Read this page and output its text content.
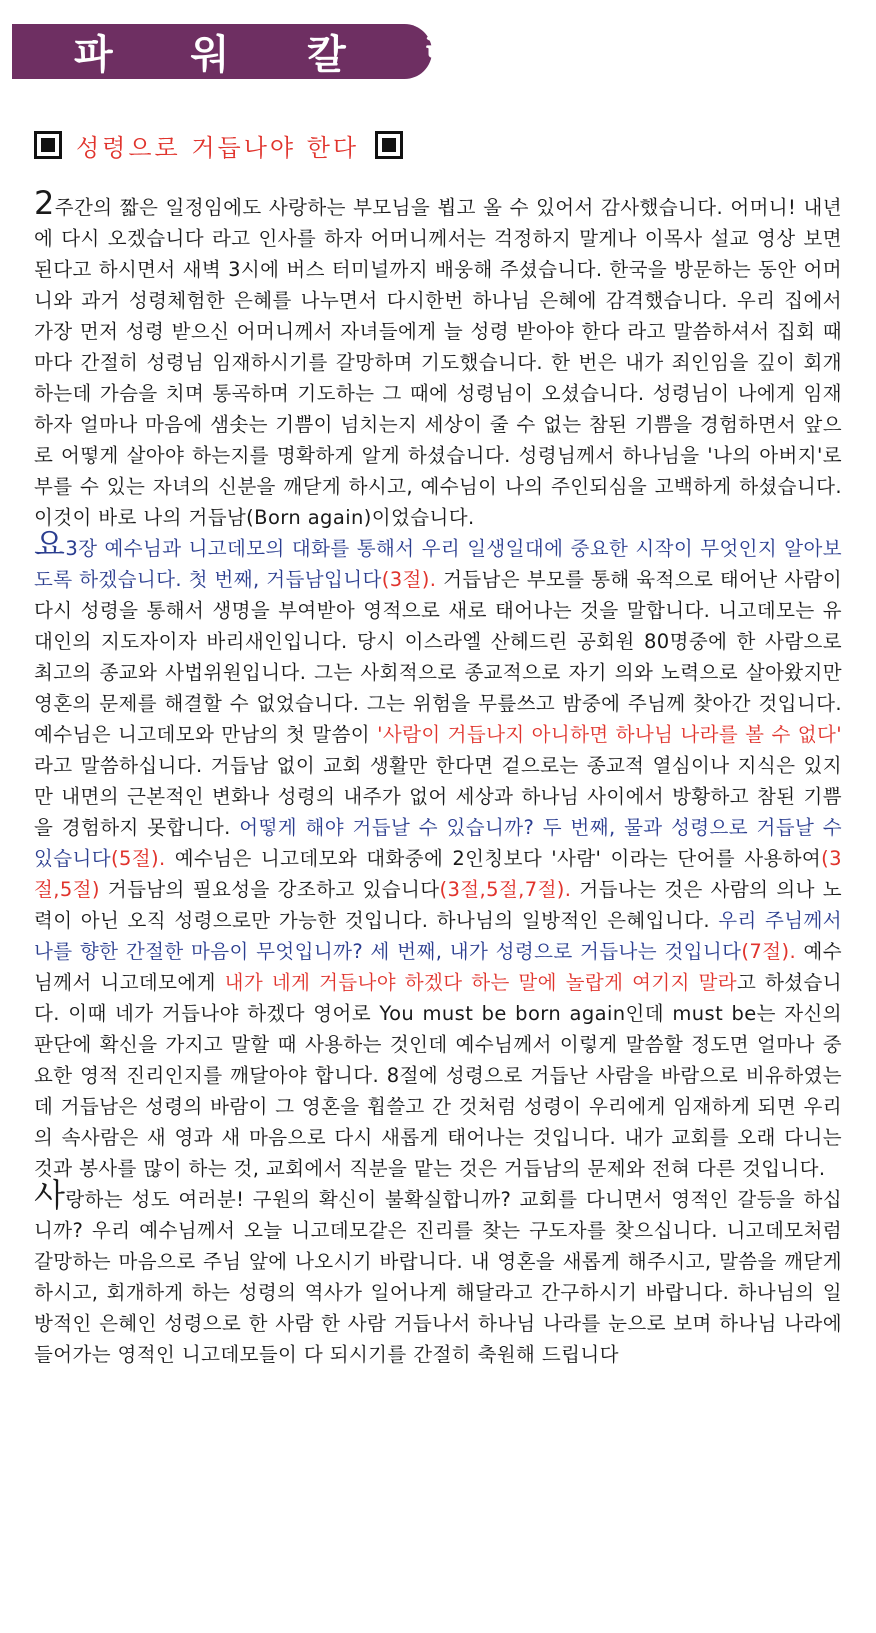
파 워 칼 럼
성령으로 거듭나야 한다

2주간의 짧은 일정임에도 사랑하는 부모님을 뵙고 올 수 있어서 감사했습니다. 어머니! 내년에 다시 오겠습니다 라고 인사를 하자 어머니께서는 걱정하지 말게나 이목사 설교 영상 보면 된다고 하시면서 새벽 3시에 버스 터미널까지 배웅해 주셨습니다. 한국을 방문하는 동안 어머니와 과거 성령체험한 은혜를 나누면서 다시한번 하나님 은혜에 감격했습니다. 우리 집에서 가장 먼저 성령 받으신 어머니께서 자녀들에게 늘 성령 받아야 한다 라고 말씀하셔서 집회 때마다 간절히 성령님 임재하시기를 갈망하며 기도했습니다. 한 번은 내가 죄인임을 깊이 회개하는데 가슴을 치며 통곡하며 기도하는 그 때에 성령님이 오셨습니다. 성령님이 나에게 임재하자 얼마나 마음에 샘솟는 기쁨이 넘치는지 세상이 줄 수 없는 참된 기쁨을 경험하면서 앞으로 어떻게 살아야 하는지를 명확하게 알게 하셨습니다. 성령님께서 하나님을 '나의 아버지'로 부를 수 있는 자녀의 신분을 깨닫게 하시고, 예수님이 나의 주인되심을 고백하게 하셨습니다. 이것이 바로 나의 거듭남(Born again)이었습니다.

요3장 예수님과 니고데모의 대화를 통해서 우리 일생일대에 중요한 시작이 무엇인지 알아보도록 하겠습니다. 첫 번째, 거듭남입니다(3절). 거듭남은 부모를 통해 육적으로 태어난 사람이 다시 성령을 통해서 생명을 부여받아 영적으로 새로 태어나는 것을 말합니다. 니고데모는 유대인의 지도자이자 바리새인입니다. 당시 이스라엘 산헤드린 공회원 80명중에 한 사람으로 최고의 종교와 사법위원입니다. 그는 사회적으로 종교적으로 자기 의와 노력으로 살아왔지만 영혼의 문제를 해결할 수 없었습니다. 그는 위험을 무릎쓰고 밤중에 주님께 찾아간 것입니다. 예수님은 니고데모와 만남의 첫 말씀이 '사람이 거듭나지 아니하면 하나님 나라를 볼 수 없다' 라고 말씀하십니다. 거듭남 없이 교회 생활만 한다면 겉으로는 종교적 열심이나 지식은 있지만 내면의 근본적인 변화나 성령의 내주가 없어 세상과 하나님 사이에서 방황하고 참된 기쁨을 경험하지 못합니다. 어떻게 해야 거듭날 수 있습니까? 두 번째, 물과 성령으로 거듭날 수 있습니다(5절). 예수님은 니고데모와 대화중에 2인칭보다 '사람' 이라는 단어를 사용하여(3절,5절) 거듭남의 필요성을 강조하고 있습니다(3절,5절,7절). 거듭나는 것은 사람의 의나 노력이 아닌 오직 성령으로만 가능한 것입니다. 하나님의 일방적인 은혜입니다. 우리 주님께서 나를 향한 간절한 마음이 무엇입니까? 세 번째, 내가 성령으로 거듭나는 것입니다(7절). 예수님께서 니고데모에게 내가 네게 거듭나야 하겠다 하는 말에 놀랍게 여기지 말라고 하셨습니다. 이때 네가 거듭나야 하겠다 영어로 You must be born again인데 must be는 자신의 판단에 확신을 가지고 말할 때 사용하는 것인데 예수님께서 이렇게 말씀할 정도면 얼마나 중요한 영적 진리인지를 깨달아야 합니다. 8절에 성령으로 거듭난 사람을 바람으로 비유하였는데 거듭남은 성령의 바람이 그 영혼을 휩쓸고 간 것처럼 성령이 우리에게 임재하게 되면 우리의 속사람은 새 영과 새 마음으로 다시 새롭게 태어나는 것입니다. 내가 교회를 오래 다니는 것과 봉사를 많이 하는 것, 교회에서 직분을 맡는 것은 거듭남의 문제와 전혀 다른 것입니다.

사랑하는 성도 여러분! 구원의 확신이 불확실합니까? 교회를 다니면서 영적인 갈등을 하십니까? 우리 예수님께서 오늘 니고데모같은 진리를 찾는 구도자를 찾으십니다. 니고데모처럼 갈망하는 마음으로 주님 앞에 나오시기 바랍니다. 내 영혼을 새롭게 해주시고, 말씀을 깨닫게 하시고, 회개하게 하는 성령의 역사가 일어나게 해달라고 간구하시기 바랍니다. 하나님의 일방적인 은혜인 성령으로 한 사람 한 사람 거듭나서 하나님 나라를 눈으로 보며 하나님 나라에 들어가는 영적인 니고데모들이 다 되시기를 간절히 축원해 드립니다
